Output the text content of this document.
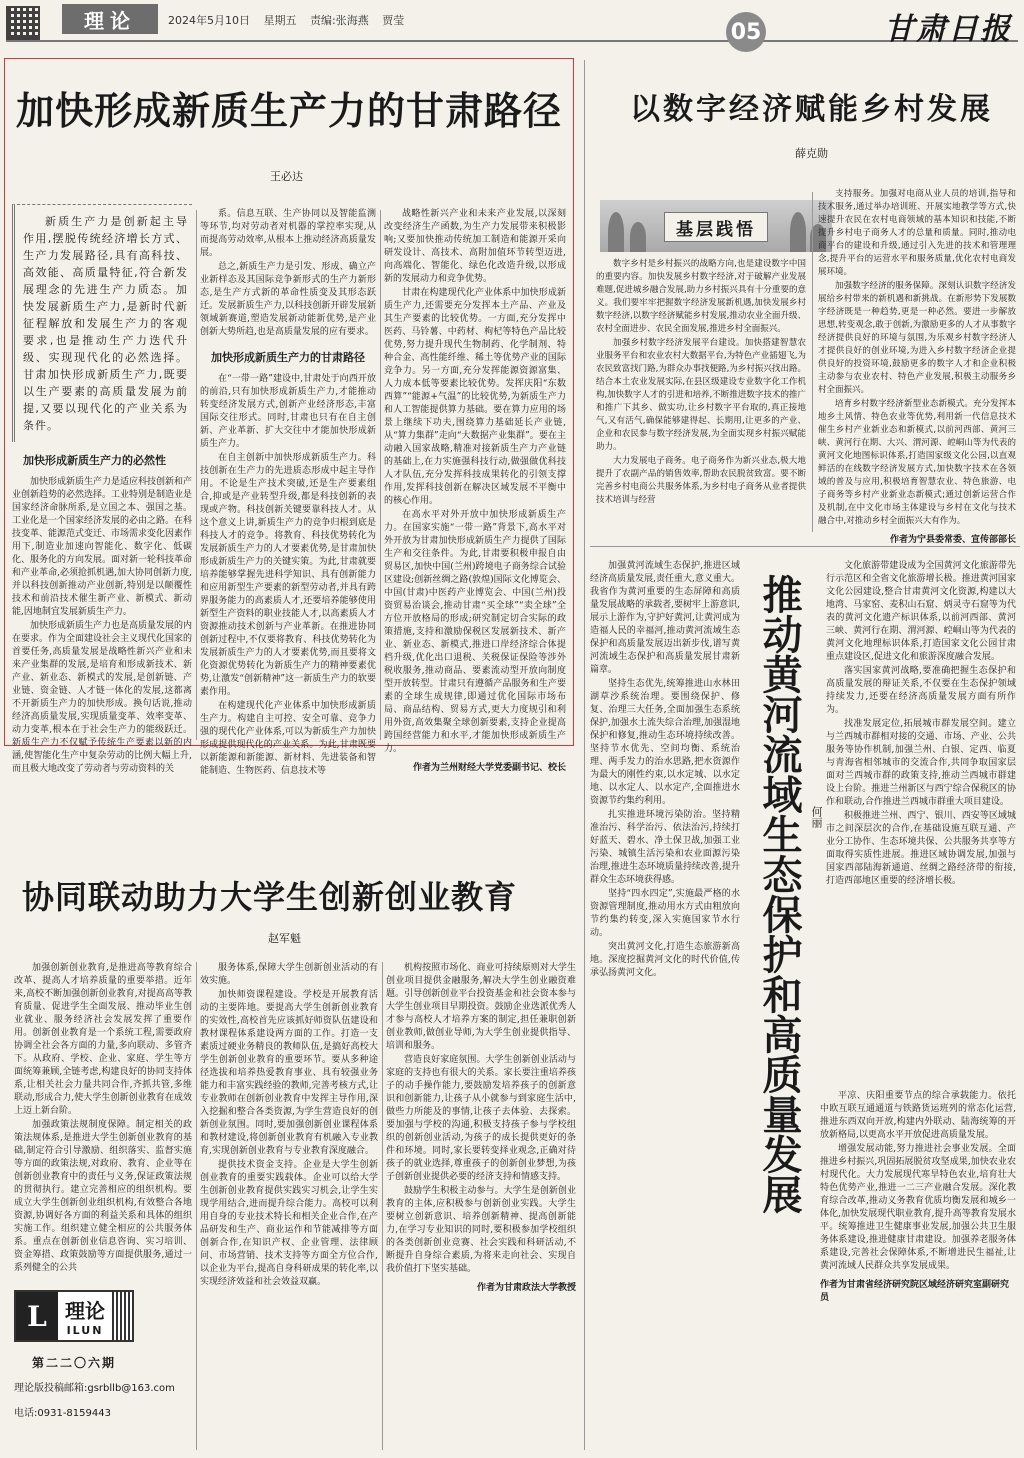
理论	2024年5月10日 星期五 责编:张海燕 贾莹	05	甘肃日报
加快形成新质生产力的甘肃路径
王必达
新质生产力是创新起主导作用,摆脱传统经济增长方式、生产力发展路径,具有高科技、高效能、高质量特征,符合新发展理念的先进生产力质态。加快发展新质生产力,是新时代新征程解放和发展生产力的客观要求,也是推动生产力迭代升级、实现现代化的必然选择。甘肃加快形成新质生产力,既要以生产要素的高质量发展为前提,又要以现代化的产业关系为条件。
加快形成新质生产力的必然性

加快形成新质生产力是适应科技创新和产业创新趋势的必然选择。工业特别是制造业是国家经济命脉所系,是立国之本、强国之基。工业化是一个国家经济发展的必由之路。在科技变革、能源范式变迁、市场需求变化因素作用下,制造业加速向智能化、数字化、低碳化、服务化的方向发展。面对新一轮科技革命和产业革命,必须抢抓机遇,加大协同创新力度,并以科技创新推动产业创新,特别是以颠覆性技术和前沿技术催生新产业、新模式、新动能,因地制宜发展新质生产力。

加快形成新质生产力也是高质量发展的内在要求。作为全面建设社会主义现代化国家的首要任务,高质量发展是战略性新兴产业和未来产业集群的发展,是培育和形成新技术、新产业、新业态、新模式的发展,是创新链、产业链、资金链、人才链一体化的发展,这都离不开新质生产力的加快形成。换句话说,推动经济高质量发展,实现质量变革、效率变革、动力变革,根本在于社会生产力的能级跃迁。新质生产力不仅赋予传统生产要素以新的内涵,使智能化生产中复杂劳动的比例大幅上升,而且极大地改变了劳动者与劳动资料的关

系。信息互联、生产协同以及智能监测等环节,均对劳动者对机器的掌控率实现,从而提高劳动效率,从根本上推动经济高质量发展。

总之,新质生产力是引发、形成、确立产业新样态及其国际竞争新形式的生产力新形态,是生产方式新的革命性质变及其形态跃迁。发展新质生产力,以科技创新开辟发展新领域新赛道,塑造发展新动能新优势,是产业创新大势所趋,也是高质量发展的应有要求。

加快形成新质生产力的甘肃路径

在“一带一路”建设中,甘肃处于向西开放的前沿,只有加快形成新质生产力,才能推动转变经济发展方式,创新产业经济形态,丰富国际交往形式。同时,甘肃也只有在自主创新、产业革新、扩大交往中才能加快形成新质生产力。

在自主创新中加快形成新质生产力。科技创新在生产力的先进质态形成中起主导作用。不论是生产技术突破,还是生产要素组合,抑或是产业转型升级,都是科技创新的表现或产物。科技创新关键要靠科技人才。从这个意义上讲,新质生产力的竞争归根到底是科技人才的竞争。将教育、科技优势转化为发展新质生产力的人才要素优势,是甘肃加快形成新质生产力的关键实策。为此,甘肃就要培养能够掌握先进科学知识、具有创新能力和应用新型生产要素的新型劳动者,并具有跨界服务能力的高素质人才,还要培养能够使用新型生产资料的职业技能人才,以高素质人才资源推动技术创新与产业革新。在推进协同创新过程中,不仅要将教育、科技优势转化为发展新质生产力的人才要素优势,而且要将文化资源优势转化为新质生产力的精神要素优势,让激发“创新精神”这一新质生产力的软要素作用。

在构建现代化产业体系中加快形成新质生产力。构建自主可控、安全可靠、竞争力强的现代化产业体系,可以为新质生产力加快形成提供现代化的产业关系。为此,甘肃既要以新能源和新能源、新材料、先进装备和智能制造、生物医药、信息技术等

战略性新兴产业和未来产业发展,以深刻改变经济生产函数,为生产力发展带来积极影响;又要加快推动传统加工制造和能源开采向研发设计、高技术、高附加值环节转型迈进,向高端化、智能化、绿色化改造升级,以形成新的发展动力和竞争优势。

甘肃在构建现代化产业体系中加快形成新质生产力,还需要充分发挥本土产品、产业及其生产要素的比较优势。一方面,充分发挥中医药、马铃薯、中药材、枸杞等特色产品比较优势,努力提升现代生物制药、化学制剂、特种合金、高性能纤维、稀土等优势产业的国际竞争力。另一方面,充分发挥能源资源富集、人力成本低等要素比较优势。发挥庆阳“东数西算”“能源+气温”的比较优势,为新质生产力和人工智能提供算力基础。要在算力应用的场景上继续下功夫,围绕算力基础延长产业链,从“算力集群”走向“大数据产业集群”。要在主动融入国家战略,精准对接新质生产力产业链的基础上,在力实施强科技行动,做强做优科技人才队伍,充分发挥科技成果转化的引领支撑作用,发挥科技创新在解决区域发展不平衡中的核心作用。

在高水平对外开放中加快形成新质生产力。在国家实施“一带一路”背景下,高水平对外开放为甘肃加快形成新质生产力提供了国际生产和交往条件。为此,甘肃要积极申报自由贸易区,加快中国(兰州)跨境电子商务综合试验区建设;创新丝绸之路(敦煌)国际文化博览会、中国(甘肃)中医药产业博览会、中国(兰州)投资贸易治谈会,推动甘肃“买全球”“卖全球”全方位开放格局的形成;研究制定切合实际的政策措施,支持和激励保税区发展新技术、新产业、新业态、新模式,推进口岸经济综合体提档升级,优化出口退税、关税保证保险等涉外税收服务,推动商品、要素流动型开放向制度型开放转型。甘肃只有遵循产品服务和生产要素的全球生成规律,即通过优化国际市场布局、商品结构、贸易方式,更大力度规引和利用外资,高效集聚全球创新要素,支持企业提高跨国经营能力和水平,才能加快形成新质生产力。

作者为兰州财经大学党委副书记、校长
以数字经济赋能乡村发展
薛克勋
基层践悟

数字乡村是乡村振兴的战略方向,也是建设数字中国的重要内容。加快发展乡村数字经济,对于破解产业发展难题,促进城乡融合发展,助力乡村振兴具有十分重要的意义。我们要牢牢把握数字经济发展新机遇,加快发展乡村数字经济,以数字经济赋能乡村发展,推动农业全面升级、农村全面进步、农民全面发展,推进乡村全面振兴。

加强乡村数字经济发展平台建设。加快搭建智慧农业服务平台和农业农村大数据平台,为特色产业插翅飞,为农民致富找门路,为群众办事找便路,为乡村振兴找出路。结合本土农业发展实际,在县区级建设专业数字化工作机构,加快数字人才的引进和培养,不断推进数字技术的推广和推广下其乡、做实功,让乡村数字平台取的,真正接地气,又有活气,确保能够建得起、长期用,让更多的产业、企业和农民参与数字经济发展,为全面实现乡村振兴赋能助力。

大力发展电子商务。电子商务作为新兴业态,极大地提升了农副产品的销售效率,帮助农民脱贫致富。要不断完善乡村电商公共服务体系,为乡村电子商务从业者提供技术培训与经营

支持服务。加强对电商从业人员的培训,指导和技术服务,通过举办培训班、开展实地教学等方式,快速提升农民在农村电商领域的基本知识和技能,不断提升乡村电子商务人才的总量和质量。同时,推动电商平台的建设和升级,通过引入先进的技术和管理理念,提升平台的运营水平和服务质量,优化农村电商发展环境。

加强数字经济的服务保障。深刻认识数字经济发展给乡村带来的新机遇和新挑战。在新形势下发展数字经济既是一种趋势,更是一种必然。要进一步解放思想,转变观念,敢于创新,为激励更多的人才从事数字经济提供良好的环境与氛围,为乐观乡村数字经济人才提供良好的创业环境,为进入乡村数字经济企业提供良好的投资环境,鼓励更多的数字人才和企业积极主动参与农业农村、特色产业发展,积极主动服务乡村全面振兴。

培育乡村数字经济新型业态新模式。充分发挥本地乡土风情、特色农业等优势,利用新一代信息技术催生乡村产业新业态和新模式,以前河西部、黄河三峡、黄河行在期、大兴、渭河源、崆峒山等为代表的黄河文化地图标识体系,打造国家级文化公园,以直观鲜活的在线数字经济发展方式,加快数字技术在各领域的普及与应用,积极培育智慧农业、特色旅游、电子商务等乡村产业新业态新模式;通过创新运营合作及机制,在中文化市场主体建设与乡村在文化与技术融合中,对推动乡村全面振兴大有作为。

作者为宁县委常委、宣传部部长

加强黄河流域生态保护,推进区域经济高质量发展,责任重大,意义重大。我省作为黄河重要的生态屏障和高质量发展战略的承载者,要树牢上游意识,展示上游作为,守护好黄河,让黄河成为造福人民的幸福河,推动黄河流域生态保护和高质量发展迈出新步伐,谱写黄河流域生态保护和高质量发展甘肃新篇章。

坚持生态优先,统筹推进山水林田湖草沙系统治理。要围绕保护、修复、治理三大任务,全面加强生态系统保护,加强水土流失综合治理,加强湿地保护和修复,推动生态环境持续改善。坚持节水优先、空间均衡、系统治理、两手发力的治水思路,把水资源作为最大的刚性约束,以水定城、以水定地、以水定人、以水定产,全面推进水资源节约集约利用。

扎实推进环境污染防治。坚持精准治污、科学治污、依法治污,持续打好蓝天、碧水、净土保卫战,加强工业污染、城镇生活污染和农业面源污染治理,推进生态环境质量持续改善,提升群众生态环境获得感。

坚持“四水四定”,实施最严格的水资源管理制度,推动用水方式由粗放向节约集约转变,深入实施国家节水行动。

突出黄河文化,打造生态旅游新高地。深度挖掘黄河文化的时代价值,传承弘扬黄河文化。	推动黄河流域生态保护和高质量发展 何丽

文化旅游带建设成为全国黄河文化旅游带先行示范区和全省文化旅游增长极。推进黄河国家文化公园建设,整合甘肃黄河文化资源,构建以大地湾、马家窑、麦积山石窟、炳灵寺石窟等为代表的黄河文化遗产标识体系,以前河西部、黄河三峡、黄河行在期、渭河源、崆峒山等为代表的黄河文化地理标识体系,打造国家文化公园甘肃重点建设区,促进文化和旅游深度融合发展。

落实国家黄河战略,要准确把握生态保护和高质量发展的辩证关系,不仅要在生态保护领域持续发力,还要在经济高质量发展方面有所作为。

找准发展定位,拓展城市群发展空间。建立与兰西城市群相对接的交通、市场、产业、公共服务等协作机制,加强兰州、白银、定西、临夏与青海省相邻城市的交流合作,共同争取国家层面对兰西城市群的政策支持,推动兰西城市群建设上台阶。推进兰州新区与西宁综合保税区的协作和联动,合作推进兰西城市群重大项目建设。

积极推进兰州、西宁、银川、西安等区域城市之间深层次的合作,在基础设施互联互通、产业分工协作、生态环境共保、公共服务共享等方面取得实质性进展。推进区域协调发展,加强与国家西部陆海新通道、丝绸之路经济带的衔接,打造西部地区重要的经济增长极。

平凉、庆阳重要节点的综合承载能力。依托中欧互联互通通道与铁路货运班列的常态化运营,推进东西双向开放,构建内外联动、陆海统筹的开放新格局,以更高水平开放促进高质量发展。

增强发展动能,努力推进社会事业发展。全面推进乡村振兴,巩固拓展脱贫攻坚成果,加快农业农村现代化。大力发展现代寒旱特色农业,培育壮大特色优势产业,推进一二三产业融合发展。深化教育综合改革,推动义务教育优质均衡发展和城乡一体化,加快发展现代职业教育,提升高等教育发展水平。统筹推进卫生健康事业发展,加强公共卫生服务体系建设,推进健康甘肃建设。加强养老服务体系建设,完善社会保障体系,不断增进民生福祉,让黄河流域人民群众共享发展成果。

作者为甘肃省经济研究院区域经济研究室副研究员
协同联动助力大学生创新创业教育
赵军魁

加强创新创业教育,是推进高等教育综合改革、提高人才培养质量的重要举措。近年来,高校不断加强创新创业教育,对提高高等教育质量、促进学生全面发展、推动毕业生创业就业、服务经济社会发展发挥了重要作用。创新创业教育是一个系统工程,需要政府协调全社会各方面的力量,多向联动、多管齐下。从政府、学校、企业、家庭、学生等方面统筹兼顾,全链考虑,构建良好的协同支持体系,让相关社会力量共同合作,齐抓共管,多维联动,形成合力,使大学生创新创业教育在成效上迈上新台阶。

加强政策法规制度保障。制定相关的政策法规体系,是推进大学生创新创业教育的基础,制定符合引导激励、组织落实、监督实施等方面的政策法规,对政府、教育、企业等在创新创业教育中的责任与义务,保证政策法规的贯彻执行。建立完善相应的组织机构。要成立大学生创新创业组织机构,有效整合各地资源,协调好各方面的利益关系和具体的组织实施工作。组织建立健全相应的公共服务体系。重点在创新创业信息咨询、实习培训、资金筹措、政策鼓励等方面提供服务,通过一系列健全的公共

服务体系,保障大学生创新创业活动的有效实施。

加快师资课程建设。学校是开展教育活动的主要阵地。要提高大学生创新创业教育的实效性,高校首先应该抓好师资队伍建设和教材课程体系建设两方面的工作。打造一支素质过硬业务精良的教师队伍,是搞好高校大学生创新创业教育的重要环节。要从多种途径选拔和培养热爱教育事业、具有较强业务能力和丰富实践经验的教师,完善考核方式,让专业教师在创新创业教育中发挥主导作用,深入挖掘和整合各类资源,为学生营造良好的创新创业氛围。同时,要加强创新创业课程体系和教材建设,将创新创业教育有机融入专业教育,实现创新创业教育与专业教育深度融合。

提供技术资金支持。企业是大学生创新创业教育的重要实践载体。企业可以给大学生创新创业教育提供实践实习机会,让学生实现学用结合,进而提升综合能力。高校可以利用自身的专业技术特长和相关企业合作,在产品研发和生产、商业运作和节能减排等方面创新合作,在知识产权、企业管理、法律顾问、市场营销、技术支持等方面全方位合作,以企业为平台,提高自身科研成果的转化率,以实现经济效益和社会效益双赢。

机构按照市场化、商业可持续原则对大学生创业项目提供金融服务,解决大学生创业融资难题。引导创新创业平台投资基金和社会资本参与大学生创业项目早期投资。鼓励企业选派优秀人才参与高校人才培养方案的制定,担任兼职创新创业教师,做创业导师,为大学生创业提供指导、培训和服务。

营造良好家庭氛围。大学生创新创业活动与家庭的支持也有很大的关系。家长要注重培养孩子的动手操作能力,要鼓励发培养孩子的创新意识和创新能力,让孩子从小就参与到家庭生活中,做些力所能及的事情,让孩子去体验、去探索。要加强与学校的沟通,积极支持孩子参与学校组织的创新创业活动,为孩子的成长提供更好的条件和环境。同时,家长要转变择业观念,正确对待孩子的就业选择,尊重孩子的创新创业梦想,为孩子创新创业提供必要的经济支持和情感支持。

鼓励学生积极主动参与。大学生是创新创业教育的主体,应积极参与创新创业实践。大学生要树立创新意识、培养创新精神、提高创新能力,在学习专业知识的同时,要积极参加学校组织的各类创新创业竞赛、社会实践和科研活动,不断提升自身综合素质,为将来走向社会、实现自我价值打下坚实基础。

作者为甘肃政法大学教授
L 理论
ILUN
第二二〇六期
理论版投稿邮箱:gsrbllb@163.com
电话:0931-8159443
